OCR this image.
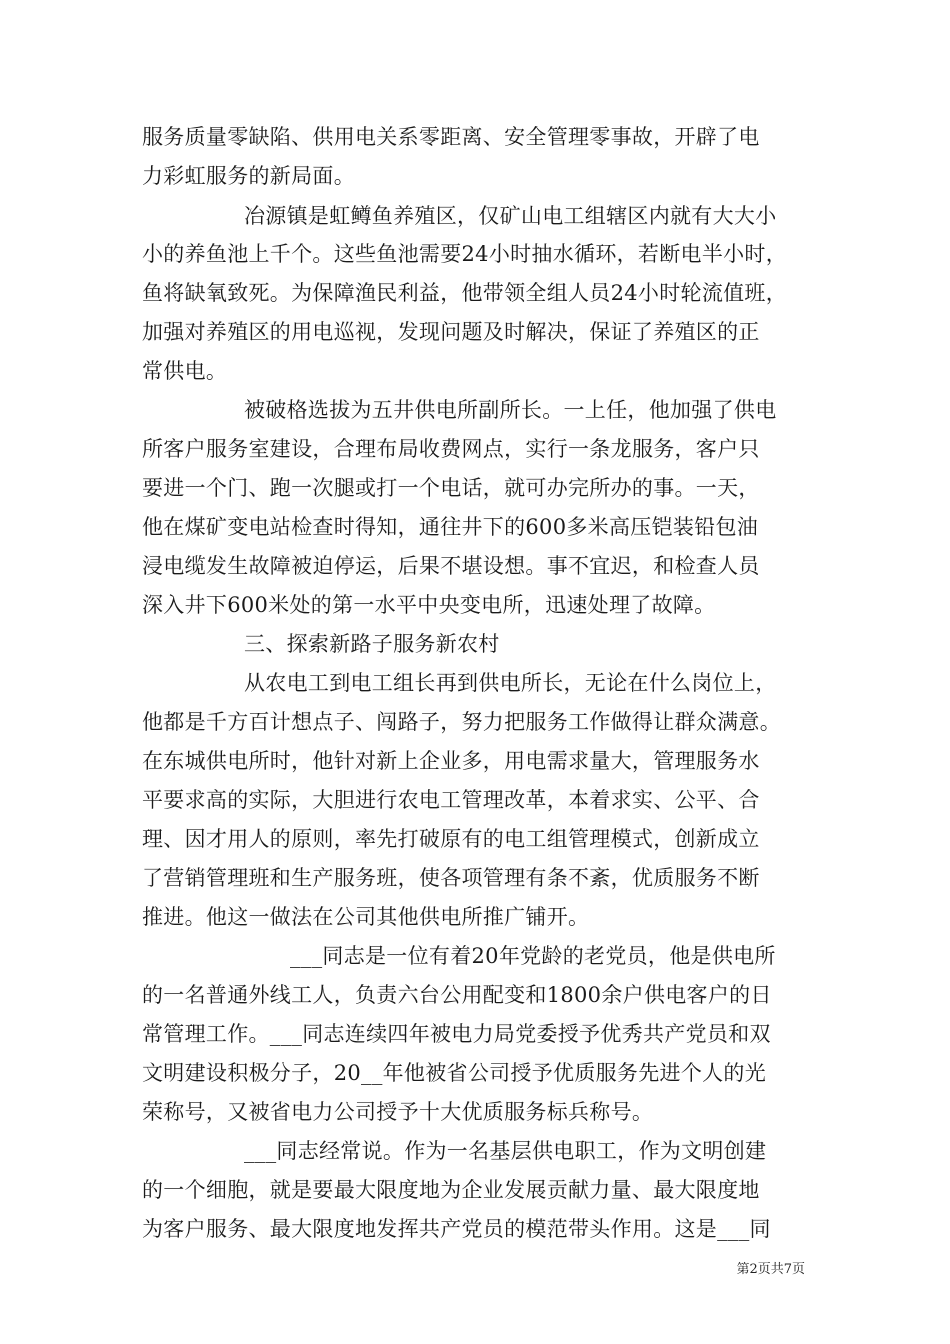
服务质量零缺陷、供用电关系零距离、安全管理零事故，开辟了电
力彩虹服务的新局面。
冶源镇是虹鳟鱼养殖区，仅矿山电工组辖区内就有大大小
小的养鱼池上千个。这些鱼池需要24小时抽水循环，若断电半小时，
鱼将缺氧致死。为保障渔民利益，他带领全组人员24小时轮流值班，
加强对养殖区的用电巡视，发现问题及时解决，保证了养殖区的正
常供电。
被破格选拔为五井供电所副所长。一上任，他加强了供电
所客户服务室建设，合理布局收费网点，实行一条龙服务，客户只
要进一个门、跑一次腿或打一个电话，就可办完所办的事。一天，
他在煤矿变电站检查时得知，通往井下的600多米高压铠装铅包油
浸电缆发生故障被迫停运，后果不堪设想。事不宜迟，和检查人员
深入井下600米处的第一水平中央变电所，迅速处理了故障。
三、探索新路子服务新农村
从农电工到电工组长再到供电所长，无论在什么岗位上，
他都是千方百计想点子、闯路子，努力把服务工作做得让群众满意。
在东城供电所时，他针对新上企业多，用电需求量大，管理服务水
平要求高的实际，大胆进行农电工管理改革，本着求实、公平、合
理、因才用人的原则，率先打破原有的电工组管理模式，创新成立
了营销管理班和生产服务班，使各项管理有条不紊，优质服务不断
推进。他这一做法在公司其他供电所推广铺开。
___同志是一位有着20年党龄的老党员，他是供电所
的一名普通外线工人，负责六台公用配变和1800余户供电客户的日
常管理工作。___同志连续四年被电力局党委授予优秀共产党员和双
文明建设积极分子，20__年他被省公司授予优质服务先进个人的光
荣称号，又被省电力公司授予十大优质服务标兵称号。
___同志经常说。作为一名基层供电职工，作为文明创建
的一个细胞，就是要最大限度地为企业发展贡献力量、最大限度地
为客户服务、最大限度地发挥共产党员的模范带头作用。这是___同
第2页共7页
